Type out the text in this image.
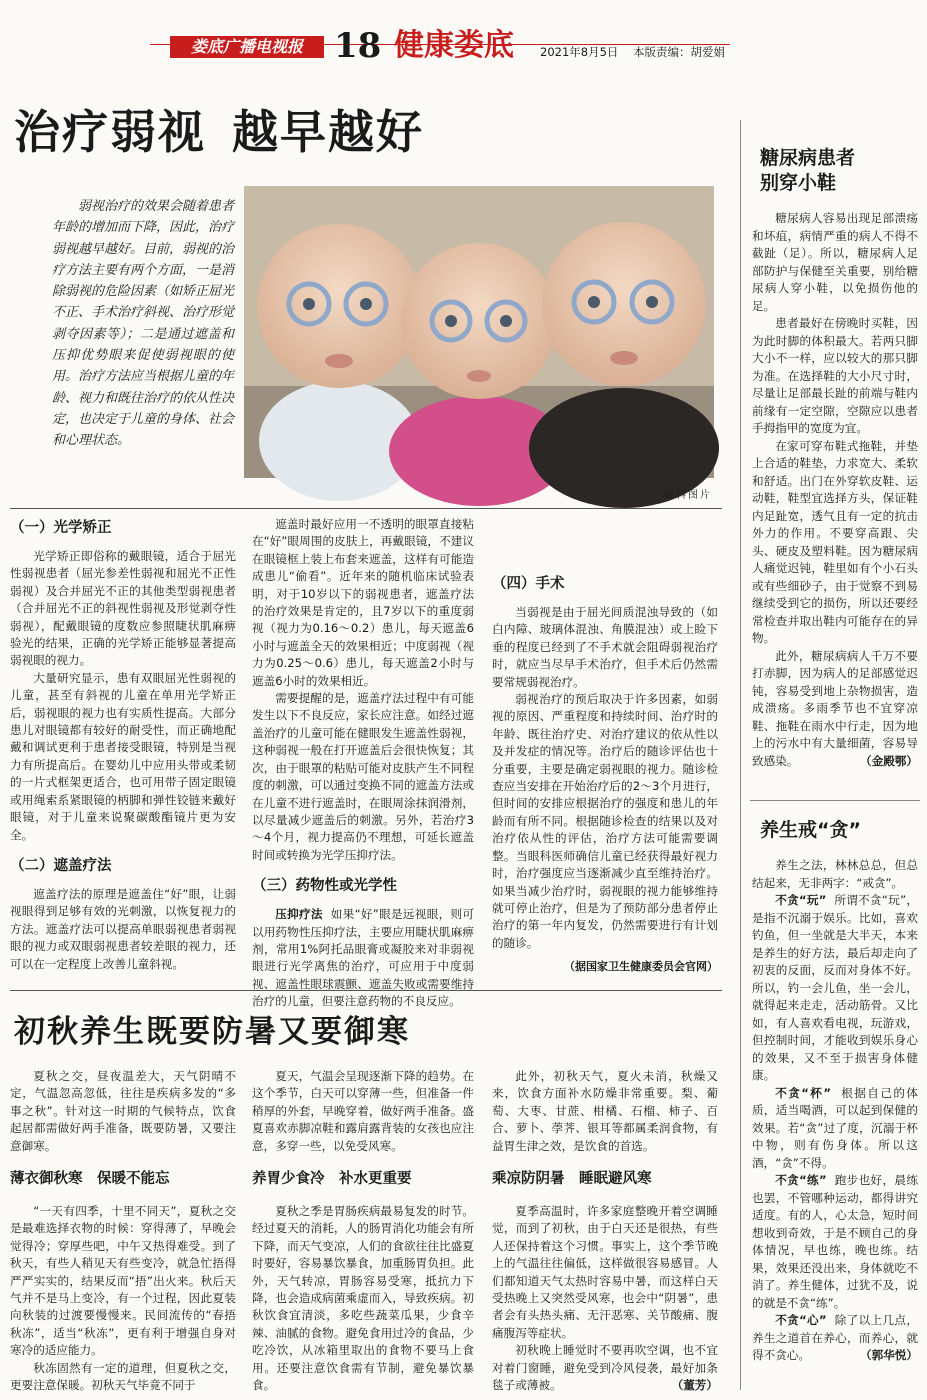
娄底广播电视报 18 健康娄底 2021年8月5日 本版责编：胡爱娟
治疗弱视 越早越好
弱视治疗的效果会随着患者年龄的增加而下降，因此，治疗弱视越早越好。目前，弱视的治疗方法主要有两个方面，一是消除弱视的危险因素（如矫正屈光不正、手术治疗斜视、治疗形觉剥夺因素等）；二是通过遮盖和压抑优势眼来促使弱视眼的使用。治疗方法应当根据儿童的年龄、视力和既往治疗的依从性决定，也决定于儿童的身体、社会和心理状态。
资料图片

（一）光学矫正

光学矫正即俗称的戴眼镜，适合于屈光性弱视患者（屈光参差性弱视和屈光不正性弱视）及合并屈光不正的其他类型弱视患者（合并屈光不正的斜视性弱视及形觉剥夺性弱视），配戴眼镜的度数应参照睫状肌麻痹验光的结果，正确的光学矫正能够显著提高弱视眼的视力。

大量研究显示，患有双眼屈光性弱视的儿童，甚至有斜视的儿童在单用光学矫正后，弱视眼的视力也有实质性提高。大部分患儿对眼镜都有较好的耐受性，而正确地配戴和调试更利于患者接受眼镜，特别是当视力有所提高后。在婴幼儿中应用头带或柔韧的一片式框架更适合，也可用带子固定眼镜或用绳索系紧眼镜的柄脚和弹性铰链来戴好眼镜，对于儿童来说聚碳酸酯镜片更为安全。

（二）遮盖疗法

遮盖疗法的原理是遮盖住“好”眼，让弱视眼得到足够有效的光刺激，以恢复视力的方法。遮盖疗法可以提高单眼弱视患者弱视眼的视力或双眼弱视患者较差眼的视力，还可以在一定程度上改善儿童斜视。

遮盖时最好应用一不透明的眼罩直接粘在“好”眼周围的皮肤上，再戴眼镜，不建议在眼镜框上装上布套来遮盖，这样有可能造成患儿“偷看”。近年来的随机临床试验表明，对于10岁以下的弱视患者，遮盖疗法的治疗效果是肯定的，且7岁以下的重度弱视（视力为0.16～0.2）患儿，每天遮盖6小时与遮盖全天的效果相近；中度弱视（视力为0.25～0.6）患儿，每天遮盖2小时与遮盖6小时的效果相近。

需要提醒的是，遮盖疗法过程中有可能发生以下不良反应，家长应注意。如经过遮盖治疗的儿童可能在健眼发生遮盖性弱视，这种弱视一般在打开遮盖后会很快恢复；其次，由于眼罩的粘贴可能对皮肤产生不同程度的刺激，可以通过变换不同的遮盖方法或在儿童不进行遮盖时，在眼周涂抹润滑剂，以尽量减少遮盖后的刺激。另外，若治疗3～4个月，视力提高仍不理想，可延长遮盖时间或转换为光学压抑疗法。

（三）药物性或光学性

压抑疗法 如果“好”眼是远视眼，则可以用药物性压抑疗法，主要应用睫状肌麻痹剂，常用1%阿托品眼膏或凝胶来对非弱视眼进行光学离焦的治疗，可应用于中度弱视、遮盖性眼球震颤、遮盖失败或需要维持治疗的儿童，但要注意药物的不良反应。

（四）手术

当弱视是由于屈光间质混浊导致的（如白内障、玻璃体混浊、角膜混浊）或上睑下垂的程度已经到了不手术就会阻碍弱视治疗时，就应当尽早手术治疗，但手术后仍然需要常规弱视治疗。

弱视治疗的预后取决于许多因素，如弱视的原因、严重程度和持续时间、治疗时的年龄、既往治疗史、对治疗建议的依从性以及并发症的情况等。治疗后的随诊评估也十分重要，主要是确定弱视眼的视力。随诊检查应当安排在开始治疗后的2～3个月进行，但时间的安排应根据治疗的强度和患儿的年龄而有所不同。根据随诊检查的结果以及对治疗依从性的评估，治疗方法可能需要调整。当眼科医师确信儿童已经获得最好视力时，治疗强度应当逐渐减少直至维持治疗。如果当减少治疗时，弱视眼的视力能够维持就可停止治疗，但是为了预防部分患者停止治疗的第一年内复发，仍然需要进行有计划的随诊。

（据国家卫生健康委员会官网）

糖尿病患者

别穿小鞋

糖尿病人容易出现足部溃疡和坏疽，病情严重的病人不得不截趾（足）。所以，糖尿病人足部防护与保健至关重要，别给糖尿病人穿小鞋，以免损伤他的足。

患者最好在傍晚时买鞋，因为此时脚的体积最大。若两只脚大小不一样，应以较大的那只脚为准。在选择鞋的大小尺寸时，尽量让足部最长趾的前端与鞋内前缘有一定空隙，空隙应以患者手拇指甲的宽度为宜。

在家可穿布鞋式拖鞋，并垫上合适的鞋垫，力求宽大、柔软和舒适。出门在外穿软皮鞋、运动鞋，鞋型宜选择方头，保证鞋内足趾宽，透气且有一定的抗击外力的作用。不要穿高跟、尖头、硬皮及塑料鞋。因为糖尿病人痛觉迟钝，鞋里如有个小石头或有些细砂子，由于觉察不到易继续受到它的损伤，所以还要经常检查并取出鞋内可能存在的异物。

此外，糖尿病病人千万不要打赤脚，因为病人的足部感觉迟钝，容易受到地上杂物损害，造成溃疡。多雨季节也不宜穿凉鞋、拖鞋在雨水中行走，因为地上的污水中有大量细菌，容易导致感染。	（金殿鄂）

养生戒“贪”

养生之法，林林总总，但总结起来，无非两字：“戒贪”。

不贪“玩” 所谓不贪“玩”，是指不沉溺于娱乐。比如，喜欢钓鱼，但一坐就是大半天，本来是养生的好方法，最后却走向了初衷的反面，反而对身体不好。所以，钓一会儿鱼，坐一会儿，就得起来走走，活动筋骨。又比如，有人喜欢看电视，玩游戏，但控制时间，才能收到娱乐身心的效果，又不至于损害身体健康。

不贪“杯” 根据自己的体质，适当喝酒，可以起到保健的效果。若“贪”过了度，沉溺于杯中物，则有伤身体。所以这酒，“贪”不得。

不贪“练” 跑步也好，晨练也罢，不管哪种运动，都得讲究适度。有的人，心太急，短时间想收到奇效，于是不顾自己的身体情况，早也练，晚也练。结果，效果还没出来，身体就吃不消了。养生健体，过犹不及，说的就是不贪“练”。

不贪“心” 除了以上几点，养生之道首在养心，而养心，就得不贪心。	（郭华悦）

初秋养生既要防暑又要御寒

夏秋之交，昼夜温差大，天气阴晴不定，气温忽高忽低，往往是疾病多发的“多事之秋”。针对这一时期的气候特点，饮食起居都需做好两手准备，既要防暑，又要注意御寒。

薄衣御秋寒　保暖不能忘

“一天有四季，十里不同天”，夏秋之交是最难选择衣物的时候：穿得薄了，早晚会觉得冷；穿厚些吧，中午又热得难受。到了秋天，有些人稍见天有些变冷，就急忙捂得严严实实的，结果反而“捂”出火来。秋后天气并不是马上变冷，有一个过程，因此夏装向秋装的过渡要慢慢来。民间流传的“春捂秋冻”，适当“秋冻”，更有利于增强自身对寒冷的适应能力。

秋冻固然有一定的道理，但夏秋之交，更要注意保暖。初秋天气毕竟不同于

夏天，气温会呈现逐渐下降的趋势。在这个季节，白天可以穿薄一些，但准备一件稍厚的外套，早晚穿着，做好两手准备。盛夏喜欢赤脚凉鞋和露肩露背装的女孩也应注意，多穿一些，以免受风寒。

养胃少食冷　补水更重要

夏秋之季是胃肠疾病最易复发的时节。经过夏天的消耗，人的肠胃消化功能会有所下降，而天气变凉，人们的食欲往往比盛夏时要好，容易暴饮暴食，加重肠胃负担。此外，天气转凉，胃肠容易受寒，抵抗力下降，也会造成病菌乘虚而入，导致疾病。初秋饮食宜清淡，多吃些蔬菜瓜果，少食辛辣、油腻的食物。避免食用过冷的食品，少吃冷饮，从冰箱里取出的食物不要马上食用。还要注意饮食需有节制，避免暴饮暴食。

此外，初秋天气，夏火未消，秋燥又来，饮食方面补水防燥非常重要。梨、葡萄、大枣、甘蔗、柑橘、石榴、柿子、百合、萝卜、荸荠、银耳等都属柔润食物，有益胃生津之效，是饮食的首选。

乘凉防阴暑　睡眠避风寒

夏季高温时，许多家庭整晚开着空调睡觉，而到了初秋，由于白天还是很热，有些人还保持着这个习惯。事实上，这个季节晚上的气温往往偏低，这样做很容易感冒。人们都知道天气太热时容易中暑，而这样白天受热晚上又突然受风寒，也会中“阴暑”，患者会有头热头痛、无汗恶寒、关节酸痛、腹痛腹泻等症状。

初秋晚上睡觉时不要再吹空调，也不宜对着门窗睡，避免受到冷风侵袭，最好加条毯子或薄被。	（董芳）
